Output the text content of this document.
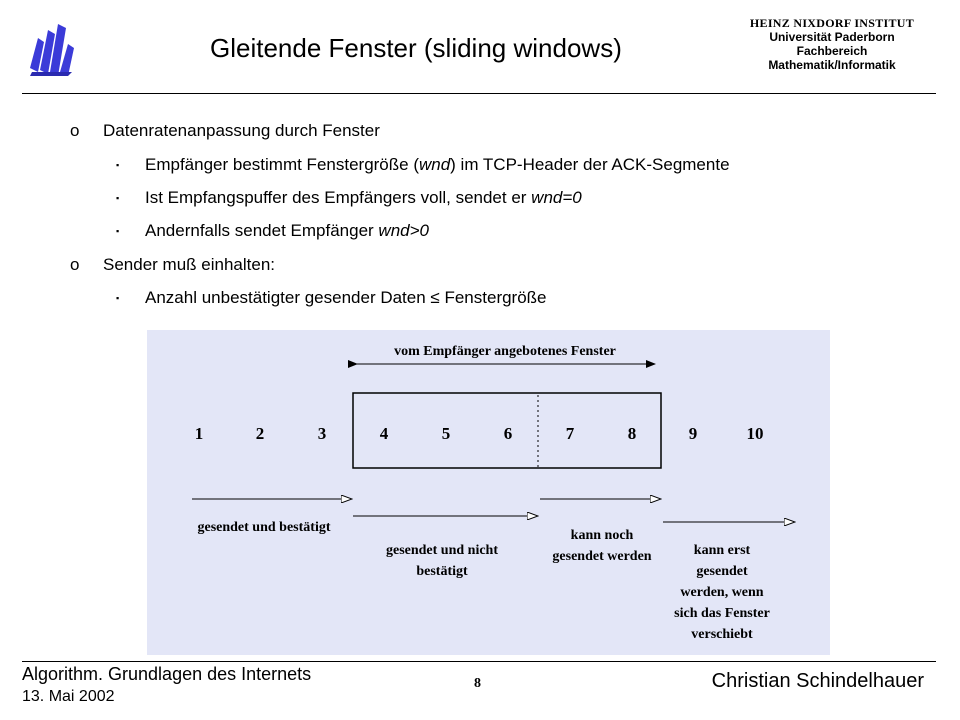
Gleitende Fenster (sliding windows)
HEINZ NIXDORF INSTITUT
Universität Paderborn
Fachbereich
Mathematik/Informatik
o Datenratenanpassung durch Fenster
▪ Empfänger bestimmt Fenstergröße (wnd) im TCP-Header der ACK-Segmente
▪ Ist Empfangspuffer des Empfängers voll, sendet er wnd=0
▪ Andernfalls sendet Empfänger wnd>0
o Sender muß einhalten:
▪ Anzahl unbestätigter gesender Daten ≤ Fenstergröße
vom Empfänger angebotenes Fenster
1	2	3	4	5	6	7	8	9	10
gesendet und bestätigt
gesendet und nicht
bestätigt
kann noch
gesendet werden	kann erst
gesendet
werden, wenn
sich das Fenster
verschiebt
Algorithm. Grundlagen des Internets
13. Mai 2002
8	Christian Schindelhauer
